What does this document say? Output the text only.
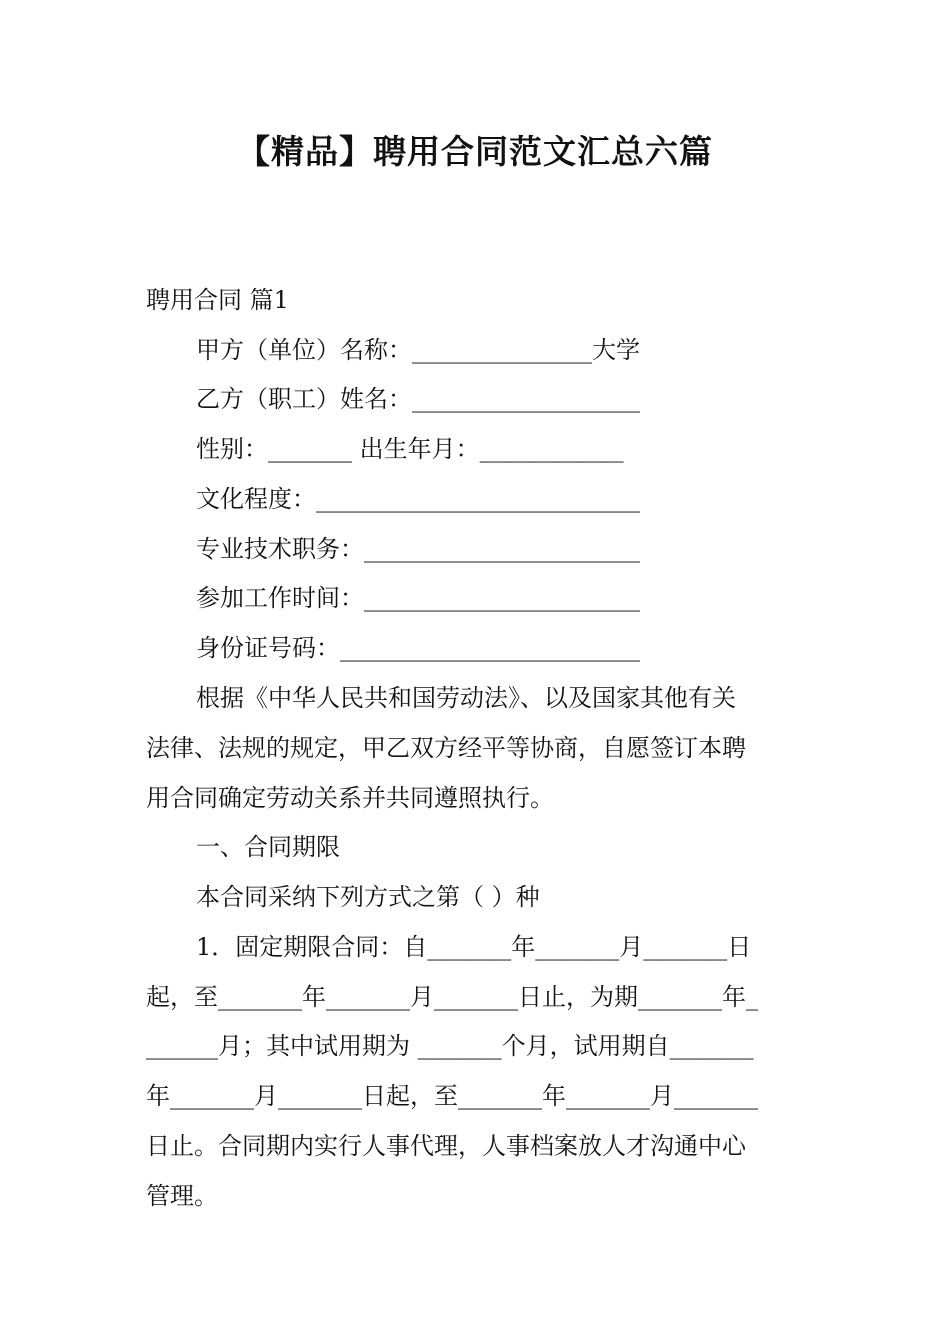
【精品】聘用合同范文汇总六篇
聘用合同 篇1
甲方（单位）名称：_______________大学
乙方（职工）姓名：___________________
性别：_______ 出生年月：____________
文化程度：___________________________
专业技术职务：_______________________
参加工作时间：_______________________
身份证号码：_________________________
根据《中华人民共和国劳动法》、以及国家其他有关
法律、法规的规定，甲乙双方经平等协商，自愿签订本聘
用合同确定劳动关系并共同遵照执行。
一、合同期限
本合同采纳下列方式之第（ ）种
1．固定期限合同：自_______年_______月_______日
起，至_______年_______月_______日止，为期_______年_
______月；其中试用期为 _______个月，试用期自_______
年_______月_______日起，至_______年_______月_______
日止。合同期内实行人事代理，人事档案放人才沟通中心
管理。
